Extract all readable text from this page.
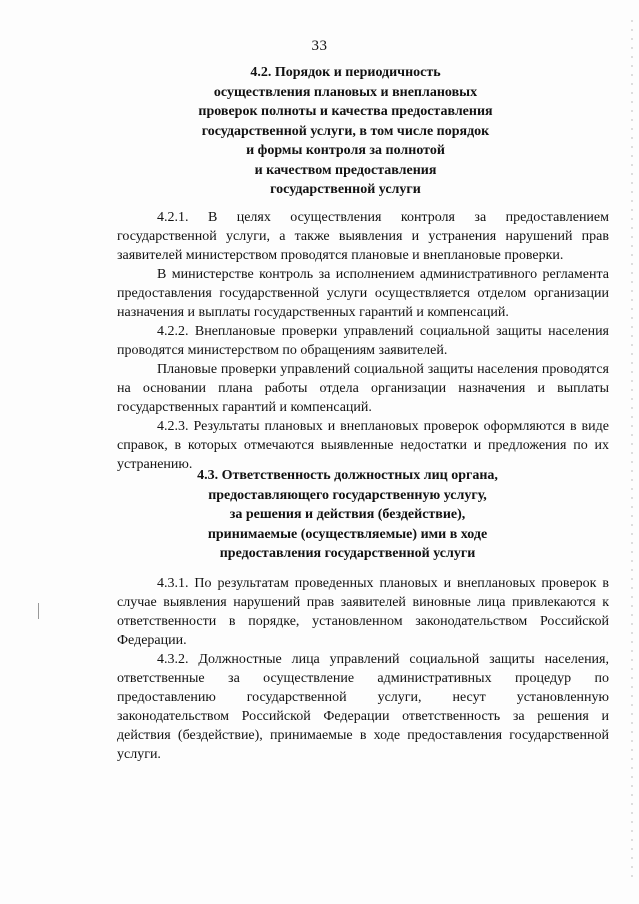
33
4.2. Порядок и периодичность
осуществления плановых и внеплановых
проверок полноты и качества предоставления
государственной услуги, в том числе порядок
и формы контроля за полнотой
и качеством предоставления
государственной услуги

4.2.1. В целях осуществления контроля за предоставлением государственной услуги, а также выявления и устранения нарушений прав заявителей министерством проводятся плановые и внеплановые проверки.

В министерстве контроль за исполнением административного регламента предоставления государственной услуги осуществляется отделом организации назначения и выплаты государственных гарантий и компенсаций.

4.2.2. Внеплановые проверки управлений социальной защиты населения проводятся министерством по обращениям заявителей.

Плановые проверки управлений социальной защиты населения проводятся на основании плана работы отдела организации назначения и выплаты государственных гарантий и компенсаций.

4.2.3. Результаты плановых и внеплановых проверок оформляются в виде справок, в которых отмечаются выявленные недостатки и предложения по их устранению.

4.3. Ответственность должностных лиц органа,
предоставляющего государственную услугу,
за решения и действия (бездействие),
принимаемые (осуществляемые) ими в ходе
предоставления государственной услуги

4.3.1. По результатам проведенных плановых и внеплановых проверок в случае выявления нарушений прав заявителей виновные лица привлекаются к ответственности в порядке, установленном законодательством Российской Федерации.

4.3.2. Должностные лица управлений социальной защиты населения, ответственные за осуществление административных процедур по предоставлению государственной услуги, несут установленную законодательством Российской Федерации ответственность за решения и действия (бездействие), принимаемые в ходе предоставления государственной услуги.
